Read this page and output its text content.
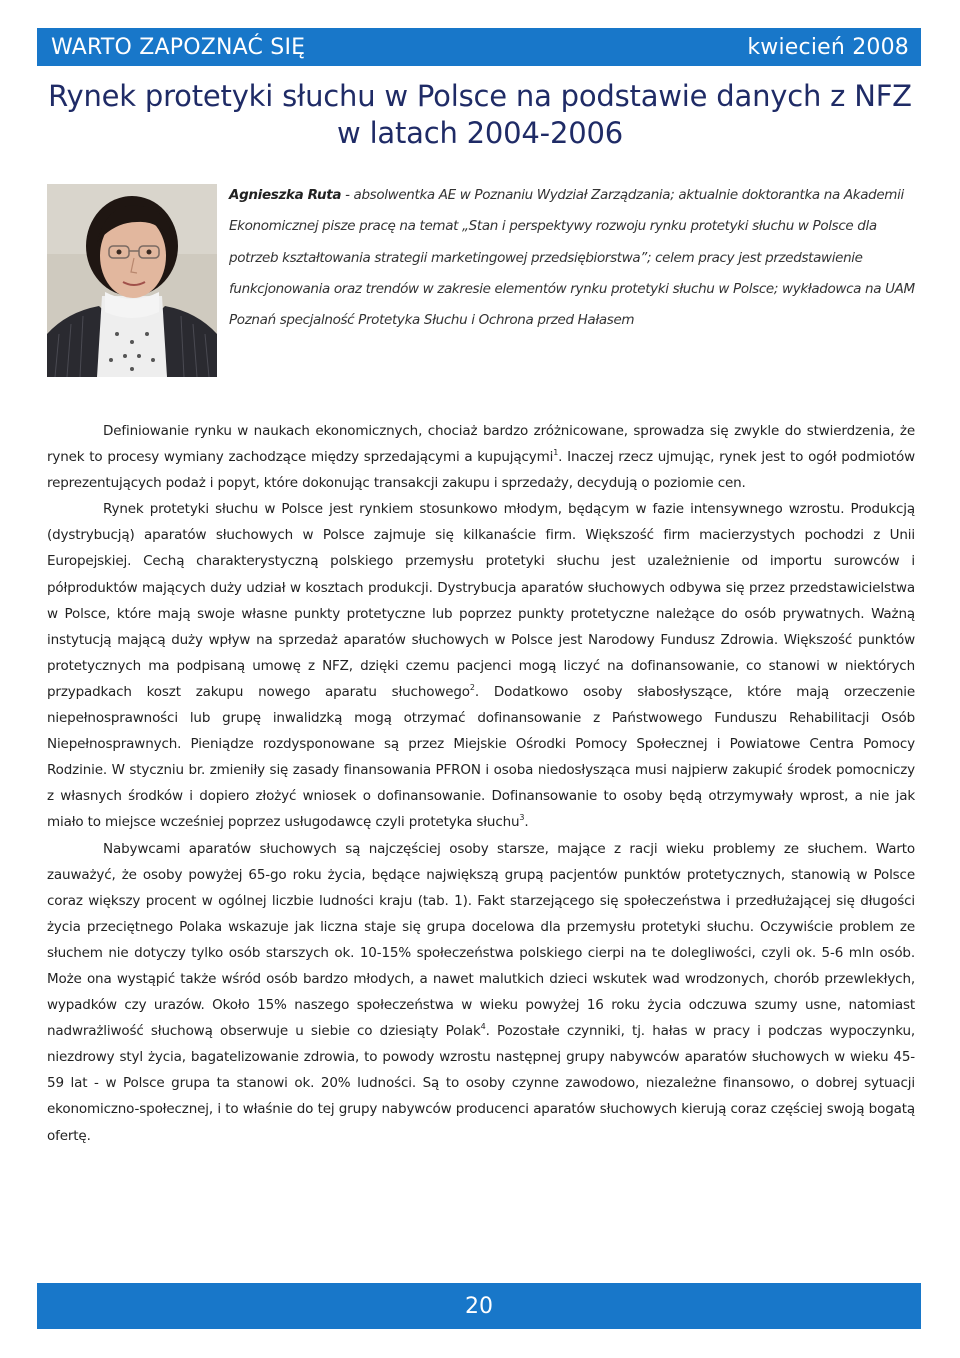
WARTO ZAPOZNAĆ SIĘ	kwiecień 2008
Rynek protetyki słuchu w Polsce na podstawie danych z NFZ
w latach 2004-2006
Agnieszka Ruta - absolwentka AE w Poznaniu Wydział Zarządzania; aktualnie doktorantka na Akademii Ekonomicznej pisze pracę na temat „Stan i perspektywy rozwoju rynku protetyki słuchu w Polsce dla potrzeb kształtowania strategii marketingowej przedsiębiorstwa”; celem pracy jest przedstawienie funkcjonowania oraz trendów w zakresie elementów rynku protetyki słuchu w Polsce; wykładowca na UAM Poznań specjalność Protetyka Słuchu i Ochrona przed Hałasem

Definiowanie rynku w naukach ekonomicznych, chociaż bardzo zróżnicowane, sprowadza się zwykle do stwierdzenia, że rynek to procesy wymiany zachodzące między sprzedającymi a kupującymi$^1$. Inaczej rzecz ujmując, rynek jest to ogół podmiotów reprezentujących podaż i popyt, które dokonując transakcji zakupu i sprzedaży, decydują o poziomie cen.

Rynek protetyki słuchu w Polsce jest rynkiem stosunkowo młodym, będącym w fazie intensywnego wzrostu. Produkcją (dystrybucją) aparatów słuchowych w Polsce zajmuje się kilkanaście firm. Większość firm macierzystych pochodzi z Unii Europejskiej. Cechą charakterystyczną polskiego przemysłu protetyki słuchu jest uzależnienie od importu surowców i półproduktów mających duży udział w kosztach produkcji. Dystrybucja aparatów słuchowych odbywa się przez przedstawicielstwa w Polsce, które mają swoje własne punkty protetyczne lub poprzez punkty protetyczne należące do osób prywatnych. Ważną instytucją mającą duży wpływ na sprzedaż aparatów słuchowych w Polsce jest Narodowy Fundusz Zdrowia. Większość punktów protetycznych ma podpisaną umowę z NFZ, dzięki czemu pacjenci mogą liczyć na dofinansowanie, co stanowi w niektórych przypadkach koszt zakupu nowego aparatu słuchowego$^2$. Dodatkowo osoby słabosłyszące, które mają orzeczenie niepełnosprawności lub grupę inwalidzką mogą otrzymać dofinansowanie z Państwowego Funduszu Rehabilitacji Osób Niepełnosprawnych. Pieniądze rozdysponowane są przez Miejskie Ośrodki Pomocy Społecznej i Powiatowe Centra Pomocy Rodzinie. W styczniu br. zmieniły się zasady finansowania PFRON i osoba niedosłysząca musi najpierw zakupić środek pomocniczy z własnych środków i dopiero złożyć wniosek o dofinansowanie. Dofinansowanie to osoby będą otrzymywały wprost, a nie jak miało to miejsce wcześniej poprzez usługodawcę czyli protetyka słuchu$^3$.

Nabywcami aparatów słuchowych są najczęściej osoby starsze, mające z racji wieku problemy ze słuchem. Warto zauważyć, że osoby powyżej 65-go roku życia, będące największą grupą pacjentów punktów protetycznych, stanowią w Polsce coraz większy procent w ogólnej liczbie ludności kraju (tab. 1). Fakt starzejącego się społeczeństwa i przedłużającej się długości życia przeciętnego Polaka wskazuje jak liczna staje się grupa docelowa dla przemysłu protetyki słuchu. Oczywiście problem ze słuchem nie dotyczy tylko osób starszych ok. 10-15% społeczeństwa polskiego cierpi na te dolegliwości, czyli ok. 5-6 mln osób. Może ona wystąpić także wśród osób bardzo młodych, a nawet malutkich dzieci wskutek wad wrodzonych, chorób przewlekłych, wypadków czy urazów. Około 15% naszego społeczeństwa w wieku powyżej 16 roku życia odczuwa szumy usne, natomiast nadwrażliwość słuchową obserwuje u siebie co dziesiąty Polak$^4$. Pozostałe czynniki, tj. hałas w pracy i podczas wypoczynku, niezdrowy styl życia, bagatelizowanie zdrowia, to powody wzrostu następnej grupy nabywców aparatów słuchowych w wieku 45-59 lat - w Polsce grupa ta stanowi ok. 20% ludności. Są to osoby czynne zawodowo, niezależne finansowo, o dobrej sytuacji ekonomiczno-społecznej, i to właśnie do tej grupy nabywców producenci aparatów słuchowych kierują coraz częściej swoją bogatą ofertę.

20
